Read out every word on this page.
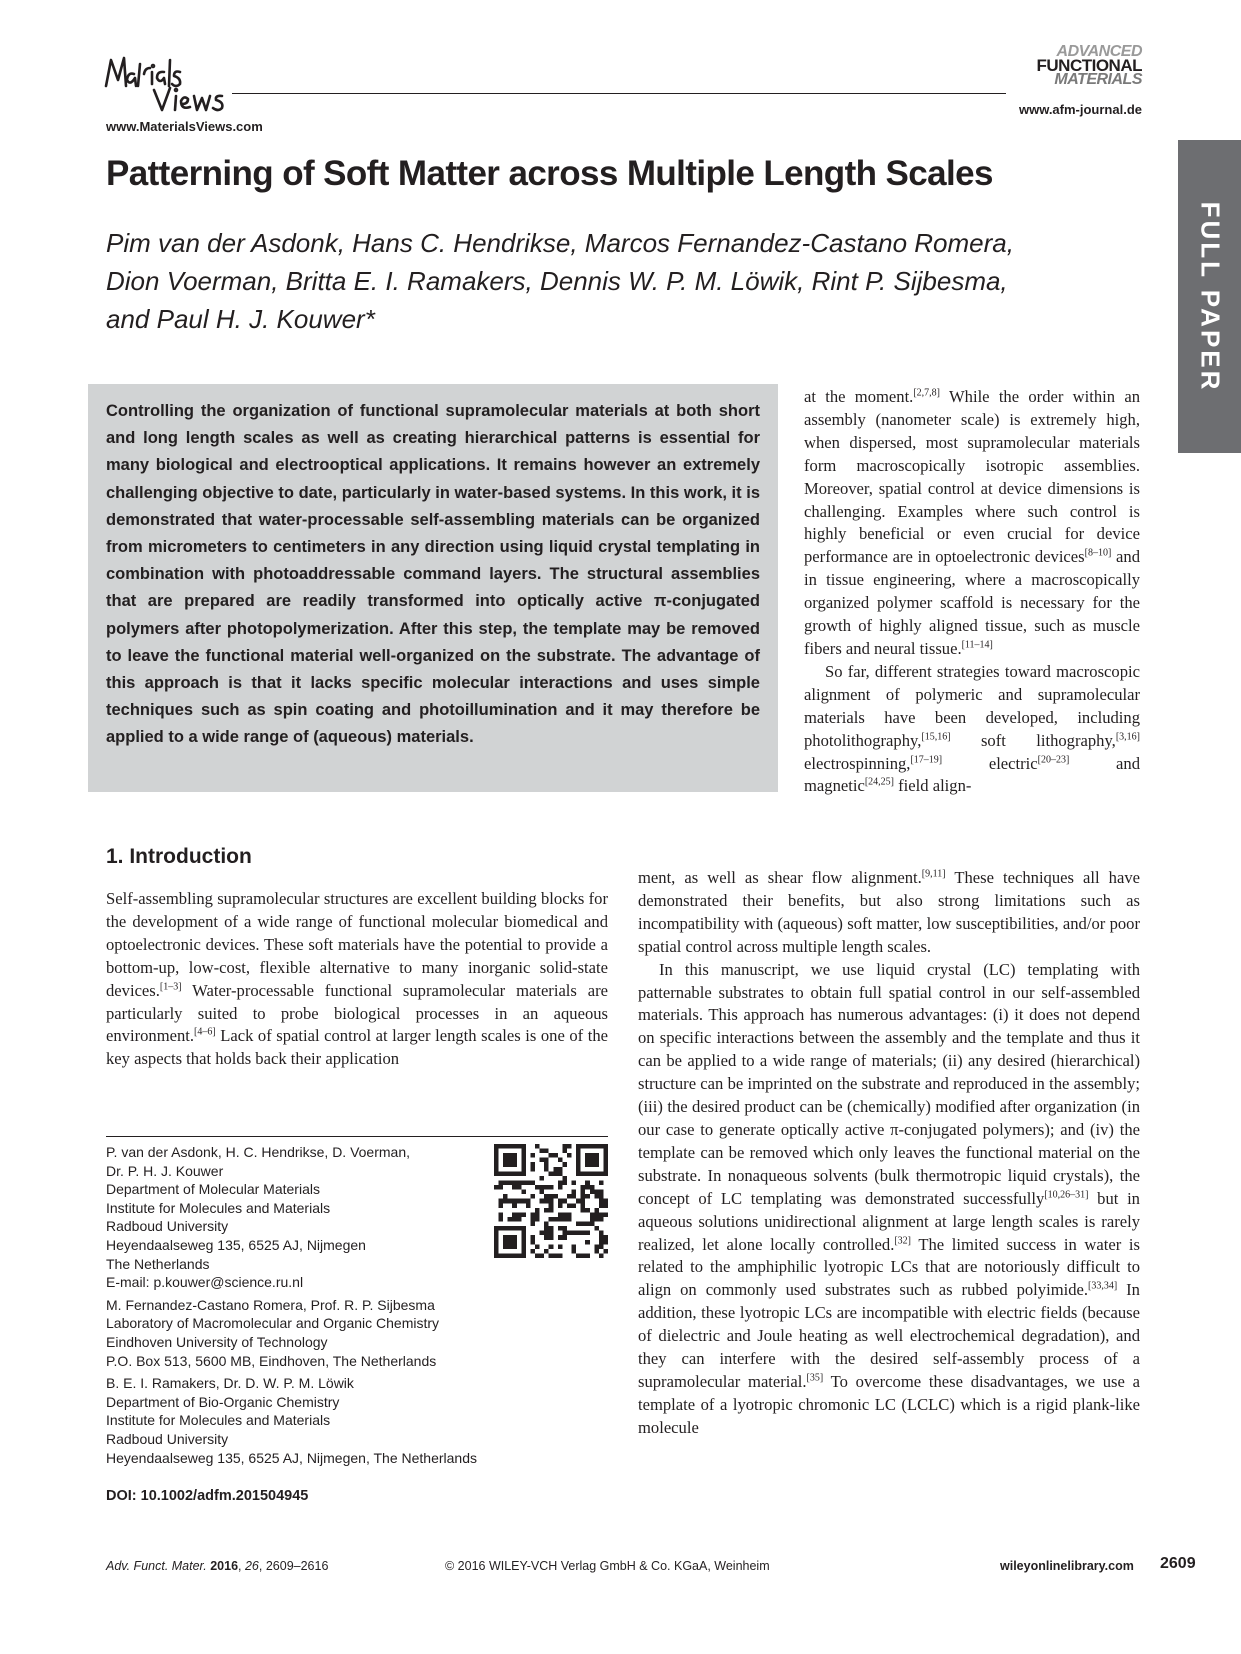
Materials Views
www.MaterialsViews.com
ADVANCED
FUNCTIONAL
MATERIALS
www.afm-journal.de
FULL PAPER
Patterning of Soft Matter across Multiple Length Scales
Pim van der Asdonk, Hans C. Hendrikse, Marcos Fernandez-Castano Romera,
Dion Voerman, Britta E. I. Ramakers, Dennis W. P. M. Löwik, Rint P. Sijbesma,
and Paul H. J. Kouwer*

Controlling the organization of functional supramolecular materials at both short and long length scales as well as creating hierarchical patterns is essential for many biological and electrooptical applications. It remains however an extremely challenging objective to date, particularly in water-based systems. In this work, it is demonstrated that water-processable self-assembling materials can be organized from micrometers to centimeters in any direction using liquid crystal templating in combination with photoaddressable command layers. The structural assemblies that are prepared are readily transformed into optically active π-conjugated polymers after photopolymerization. After this step, the template may be removed to leave the functional material well-organized on the substrate. The advantage of this approach is that it lacks specific molecular interactions and uses simple techniques such as spin coating and photoillumination and it may therefore be applied to a wide range of (aqueous) materials.

at the moment.[2,7,8] While the order within an assembly (nanometer scale) is extremely high, when dispersed, most supramolecular materials form macroscopically isotropic assemblies. Moreover, spatial control at device dimensions is challenging. Examples where such control is highly beneficial or even crucial for device performance are in optoelectronic devices[8–10] and in tissue engineering, where a macroscopically organized polymer scaffold is necessary for the growth of highly aligned tissue, such as muscle fibers and neural tissue.[11–14]

So far, different strategies toward macroscopic alignment of polymeric and supramolecular materials have been developed, including photolithography,[15,16] soft lithography,[3,16] electrospinning,[17–19] electric[20–23] and magnetic[24,25] field align-

1. Introduction

Self-assembling supramolecular structures are excellent building blocks for the development of a wide range of functional molecular biomedical and optoelectronic devices. These soft materials have the potential to provide a bottom-up, low-cost, flexible alternative to many inorganic solid-state devices.[1–3] Water-processable functional supramolecular materials are particularly suited to probe biological processes in an aqueous environment.[4–6] Lack of spatial control at larger length scales is one of the key aspects that holds back their application

ment, as well as shear flow alignment.[9,11] These techniques all have demonstrated their benefits, but also strong limitations such as incompatibility with (aqueous) soft matter, low susceptibilities, and/or poor spatial control across multiple length scales.

In this manuscript, we use liquid crystal (LC) templating with patternable substrates to obtain full spatial control in our self-assembled materials. This approach has numerous advantages: (i) it does not depend on specific interactions between the assembly and the template and thus it can be applied to a wide range of materials; (ii) any desired (hierarchical) structure can be imprinted on the substrate and reproduced in the assembly; (iii) the desired product can be (chemically) modified after organization (in our case to generate optically active π-conjugated polymers); and (iv) the template can be removed which only leaves the functional material on the substrate. In nonaqueous solvents (bulk thermotropic liquid crystals), the concept of LC templating was demonstrated successfully[10,26–31] but in aqueous solutions unidirectional alignment at large length scales is rarely realized, let alone locally controlled.[32] The limited success in water is related to the amphiphilic lyotropic LCs that are notoriously difficult to align on commonly used substrates such as rubbed polyimide.[33,34] In addition, these lyotropic LCs are incompatible with electric fields (because of dielectric and Joule heating as well electrochemical degradation), and they can interfere with the desired self-assembly process of a supramolecular material.[35] To overcome these disadvantages, we use a template of a lyotropic chromonic LC (LCLC) which is a rigid plank-like molecule

P. van der Asdonk, H. C. Hendrikse, D. Voerman,
Dr. P. H. J. Kouwer
Department of Molecular Materials
Institute for Molecules and Materials
Radboud University
Heyendaalseweg 135, 6525 AJ, Nijmegen
The Netherlands
E-mail: p.kouwer@science.ru.nl
M. Fernandez-Castano Romera, Prof. R. P. Sijbesma
Laboratory of Macromolecular and Organic Chemistry
Eindhoven University of Technology
P.O. Box 513, 5600 MB, Eindhoven, The Netherlands
B. E. I. Ramakers, Dr. D. W. P. M. Löwik
Department of Bio-Organic Chemistry
Institute for Molecules and Materials
Radboud University
Heyendaalseweg 135, 6525 AJ, Nijmegen, The Netherlands
DOI: 10.1002/adfm.201504945
Adv. Funct. Mater. 2016, 26, 2609–2616	© 2016 WILEY-VCH Verlag GmbH & Co. KGaA, Weinheim	wileyonlinelibrary.com 2609
